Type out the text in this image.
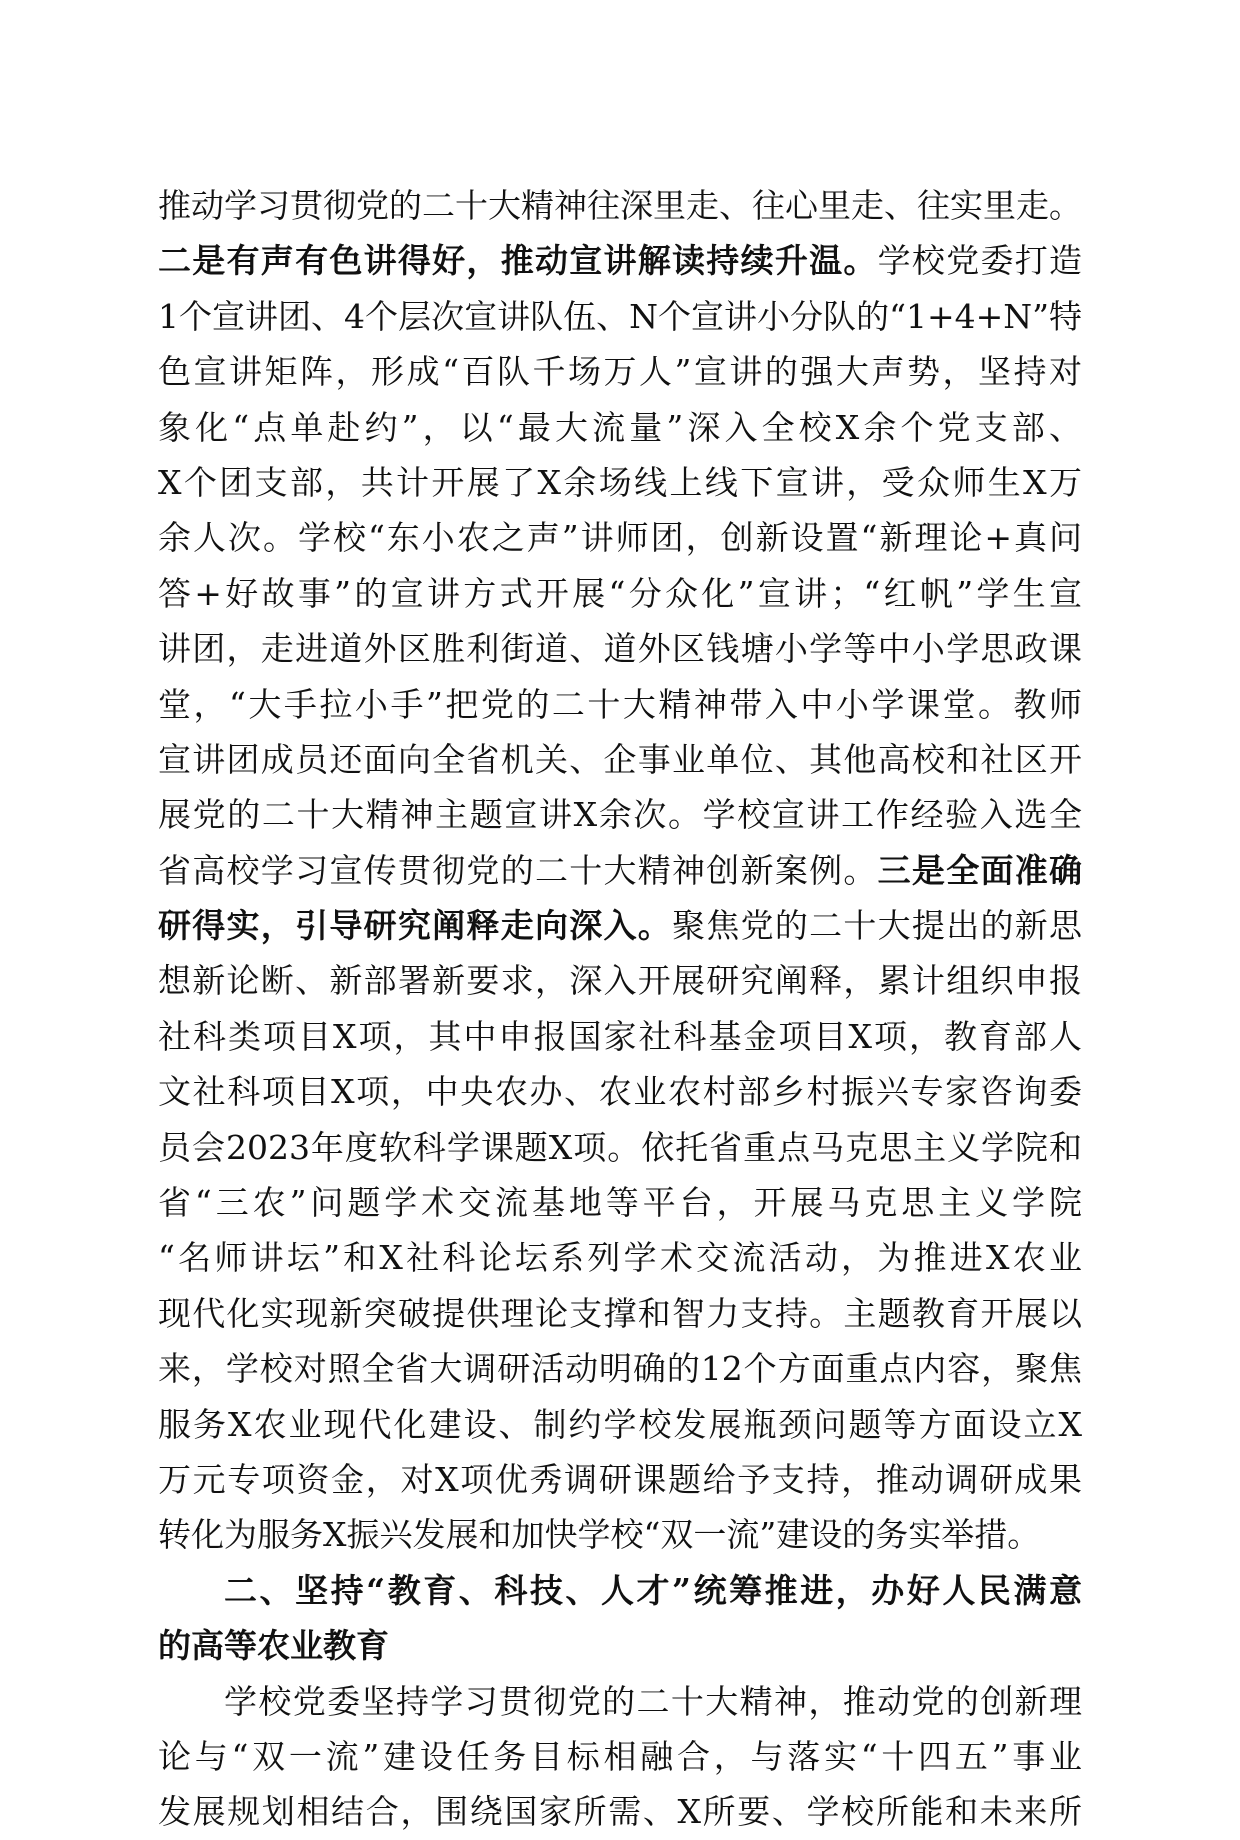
推动学习贯彻党的二十大精神往深里走、往心里走、往实里走。
二是有声有色讲得好，推动宣讲解读持续升温。学校党委打造
1个宣讲团、4个层次宣讲队伍、N个宣讲小分队的“1+4+N”特
色宣讲矩阵，形成“百队千场万人”宣讲的强大声势，坚持对
象化“点单赴约”，以“最大流量”深入全校X余个党支部、
X个团支部，共计开展了X余场线上线下宣讲，受众师生X万
余人次。学校“东小农之声”讲师团，创新设置“新理论+真问
答+好故事”的宣讲方式开展“分众化”宣讲；“红帆”学生宣
讲团，走进道外区胜利街道、道外区钱塘小学等中小学思政课
堂，“大手拉小手”把党的二十大精神带入中小学课堂。教师
宣讲团成员还面向全省机关、企事业单位、其他高校和社区开
展党的二十大精神主题宣讲X余次。学校宣讲工作经验入选全
省高校学习宣传贯彻党的二十大精神创新案例。三是全面准确
研得实，引导研究阐释走向深入。聚焦党的二十大提出的新思
想新论断、新部署新要求，深入开展研究阐释，累计组织申报
社科类项目X项，其中申报国家社科基金项目X项，教育部人
文社科项目X项，中央农办、农业农村部乡村振兴专家咨询委
员会2023年度软科学课题X项。依托省重点马克思主义学院和
省“三农”问题学术交流基地等平台，开展马克思主义学院
“名师讲坛”和X社科论坛系列学术交流活动，为推进X农业
现代化实现新突破提供理论支撑和智力支持。主题教育开展以
来，学校对照全省大调研活动明确的12个方面重点内容，聚焦
服务X农业现代化建设、制约学校发展瓶颈问题等方面设立X
万元专项资金，对X项优秀调研课题给予支持，推动调研成果
转化为服务X振兴发展和加快学校“双一流”建设的务实举措。
二、坚持“教育、科技、人才”统筹推进，办好人民满意
的高等农业教育
学校党委坚持学习贯彻党的二十大精神，推动党的创新理
论与“双一流”建设任务目标相融合，与落实“十四五”事业
发展规划相结合，围绕国家所需、X所要、学校所能和未来所
